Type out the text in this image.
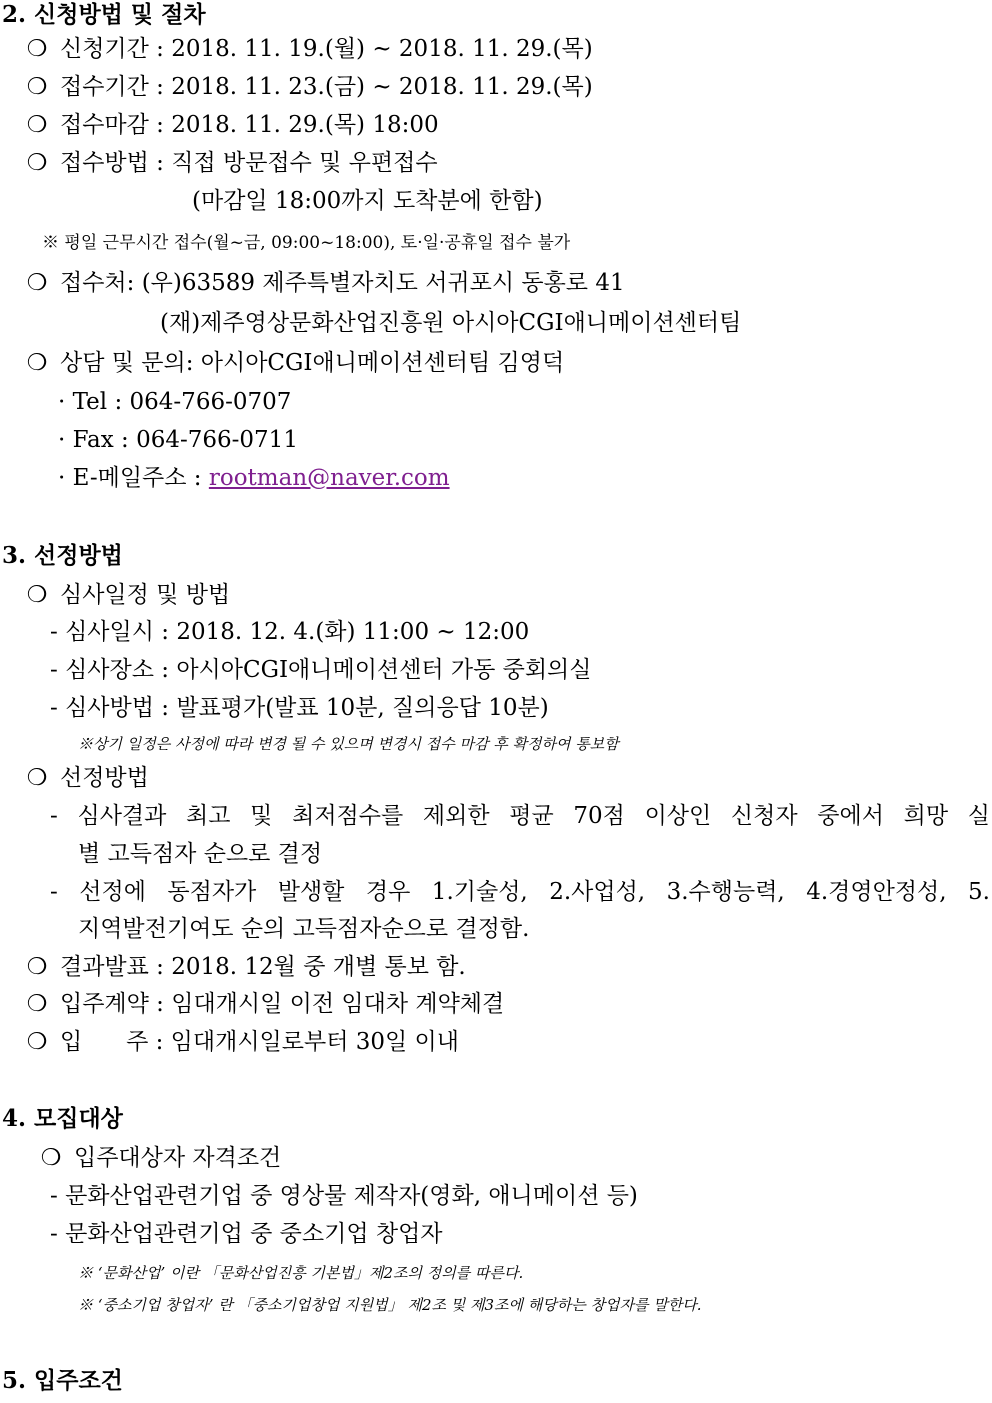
2. 신청방법 및 절차
❍ 신청기간 : 2018. 11. 19.(월) ~ 2018. 11. 29.(목)
❍ 접수기간 : 2018. 11. 23.(금) ~ 2018. 11. 29.(목)
❍ 접수마감 : 2018. 11. 29.(목) 18:00
❍ 접수방법 : 직접 방문접수 및 우편접수
(마감일 18:00까지 도착분에 한함)
※ 평일 근무시간 접수(월~금, 09:00~18:00), 토·일·공휴일 접수 불가
❍ 접수처: (우)63589 제주특별자치도 서귀포시 동홍로 41
(재)제주영상문화산업진흥원 아시아CGI애니메이션센터팀
❍ 상담 및 문의: 아시아CGI애니메이션센터팀 김영덕
· Tel : 064-766-0707
· Fax : 064-766-0711
· E-메일주소 : rootman@naver.com
3. 선정방법
❍ 심사일정 및 방법
- 심사일시 : 2018. 12. 4.(화) 11:00 ~ 12:00
- 심사장소 : 아시아CGI애니메이션센터 가동 중회의실
- 심사방법 : 발표평가(발표 10분, 질의응답 10분)
※상기 일정은 사정에 따라 변경 될 수 있으며 변경시 접수 마감 후 확정하여 통보함
❍ 선정방법
- 심사결과 최고 및 최저점수를 제외한 평균 70점 이상인 신청자 중에서 희망 실
별 고득점자 순으로 결정
- 선정에 동점자가 발생할 경우 1.기술성, 2.사업성, 3.수행능력, 4.경영안정성, 5.
지역발전기여도 순의 고득점자순으로 결정함.
❍ 결과발표 : 2018. 12월 중 개별 통보 함.
❍ 입주계약 : 임대개시일 이전 임대차 계약체결
❍ 입      주 : 임대개시일로부터 30일 이내
4. 모집대상
❍ 입주대상자 자격조건
- 문화산업관련기업 중 영상물 제작자(영화, 애니메이션 등)
- 문화산업관련기업 중 중소기업 창업자
※ ‘문화산업’ 이란 「문화산업진흥 기본법」제2조의 정의를 따른다.
※ ‘중소기업 창업자’ 란 「중소기업창업 지원법」 제2조 및 제3조에 해당하는 창업자를 말한다.
5. 입주조건
